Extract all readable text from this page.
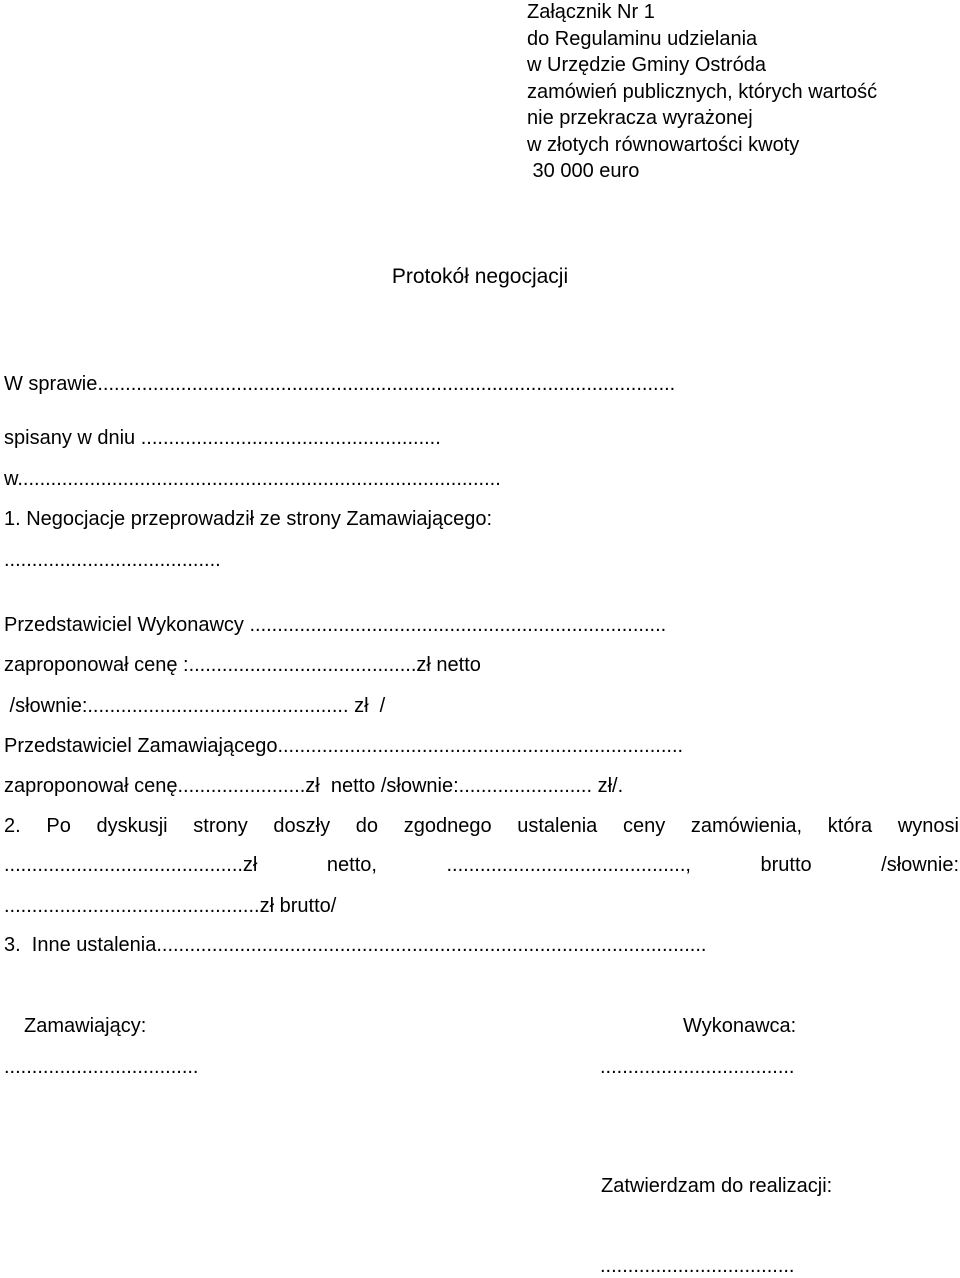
Załącznik Nr 1
do Regulaminu udzielania
w Urzędzie Gminy Ostróda
zamówień publicznych, których wartość
nie przekracza wyrażonej
w złotych równowartości kwoty
30 000 euro
Protokół negocjacji
W sprawie........................................................................................................
spisany w dniu ......................................................
w.......................................................................................
1. Negocjacje przeprowadził ze strony Zamawiającego:
.......................................
Przedstawiciel Wykonawcy ...........................................................................
zaproponował cenę :.........................................zł netto
/słownie:............................................... zł  /
Przedstawiciel Zamawiającego.........................................................................
zaproponował cenę.......................zł  netto /słownie:........................ zł/.
2. Po dyskusji strony doszły do zgodnego ustalenia ceny zamówienia, która wynosi
...........................................zł netto, ..........................................., brutto /słownie:
..............................................zł brutto/
3.  Inne ustalenia...................................................................................................
Zamawiający:
...................................
Wykonawca:
...................................
Zatwierdzam do realizacji:
...................................
